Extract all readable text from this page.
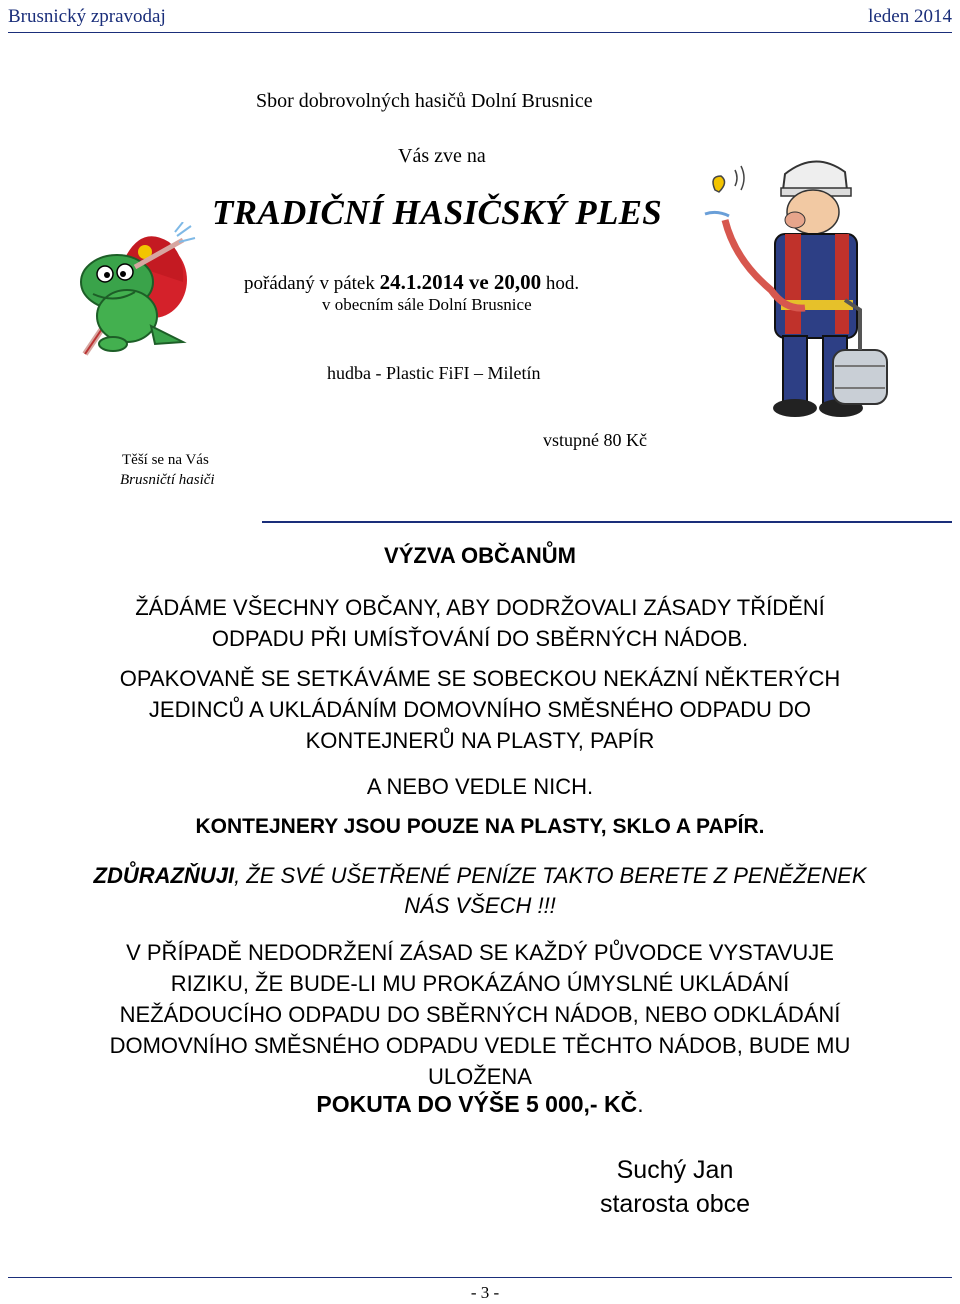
Brusnický zpravodaj	leden 2014
Sbor dobrovolných hasičů Dolní Brusnice
Vás zve na
TRADIČNÍ HASIČSKÝ PLES
pořádaný v pátek 24.1.2014 ve 20,00 hod.
v obecním sále Dolní Brusnice
hudba - Plastic FiFI – Miletín
vstupné 80 Kč
Těší se na Vás
Brusničtí hasiči
VÝZVA OBČANŮM
ŽÁDÁME VŠECHNY OBČANY, ABY DODRŽOVALI ZÁSADY TŘÍDĚNÍ
ODPADU PŘI UMÍSŤOVÁNÍ DO SBĚRNÝCH NÁDOB.
OPAKOVANĚ SE SETKÁVÁME SE SOBECKOU NEKÁZNÍ NĚKTERÝCH
JEDINCŮ A UKLÁDÁNÍM DOMOVNÍHO SMĚSNÉHO ODPADU DO
KONTEJNERŮ NA PLASTY, PAPÍR
A NEBO VEDLE NICH.
KONTEJNERY JSOU POUZE NA PLASTY, SKLO A PAPÍR.
ZDŮRAZŇUJI, ŽE SVÉ UŠETŘENÉ PENÍZE TAKTO BERETE Z PENĚŽENEK
NÁS VŠECH !!!
V PŘÍPADĚ NEDODRŽENÍ ZÁSAD SE KAŽDÝ PŮVODCE VYSTAVUJE
RIZIKU, ŽE BUDE-LI MU PROKÁZÁNO ÚMYSLNÉ UKLÁDÁNÍ
NEŽÁDOUCÍHO ODPADU DO SBĚRNÝCH NÁDOB, NEBO ODKLÁDÁNÍ
DOMOVNÍHO SMĚSNÉHO ODPADU VEDLE TĚCHTO NÁDOB, BUDE MU
ULOŽENA
POKUTA DO VÝŠE 5 000,- KČ.
Suchý Jan
starosta obce
- 3 -
